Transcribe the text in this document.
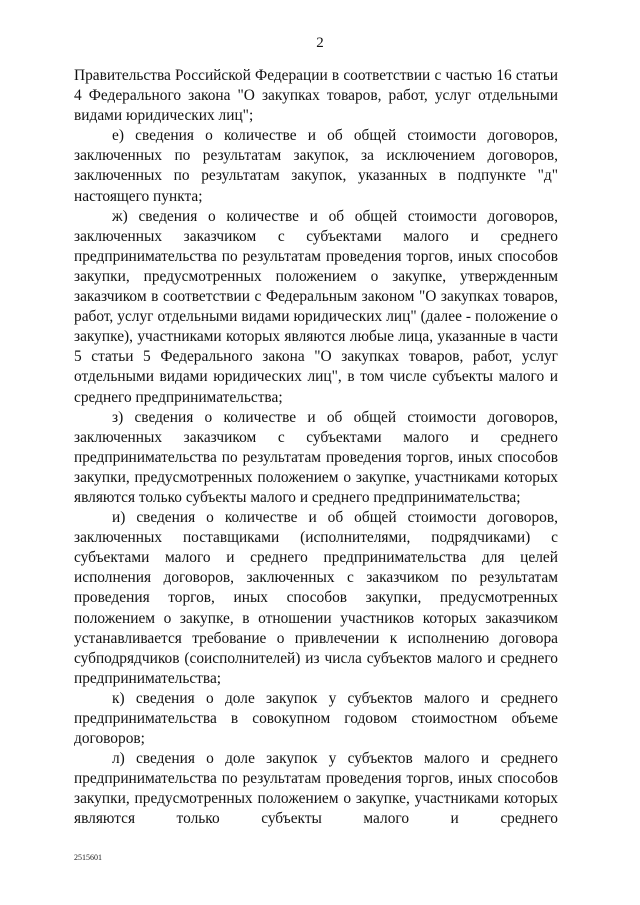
2

Правительства Российской Федерации в соответствии с частью 16 статьи 4 Федерального закона "О закупках товаров, работ, услуг отдельными видами юридических лиц";

е) сведения о количестве и об общей стоимости договоров, заключенных по результатам закупок, за исключением договоров, заключенных по результатам закупок, указанных в подпункте "д" настоящего пункта;

ж) сведения о количестве и об общей стоимости договоров, заключенных заказчиком с субъектами малого и среднего предпринимательства по результатам проведения торгов, иных способов закупки, предусмотренных положением о закупке, утвержденным заказчиком в соответствии с Федеральным законом "О закупках товаров, работ, услуг отдельными видами юридических лиц" (далее - положение о закупке), участниками которых являются любые лица, указанные в части 5 статьи 5 Федерального закона "О закупках товаров, работ, услуг отдельными видами юридических лиц", в том числе субъекты малого и среднего предпринимательства;

з) сведения о количестве и об общей стоимости договоров, заключенных заказчиком с субъектами малого и среднего предпринимательства по результатам проведения торгов, иных способов закупки, предусмотренных положением о закупке, участниками которых являются только субъекты малого и среднего предпринимательства;

и) сведения о количестве и об общей стоимости договоров, заключенных поставщиками (исполнителями, подрядчиками) с субъектами малого и среднего предпринимательства для целей исполнения договоров, заключенных с заказчиком по результатам проведения торгов, иных способов закупки, предусмотренных положением о закупке, в отношении участников которых заказчиком устанавливается требование о привлечении к исполнению договора субподрядчиков (соисполнителей) из числа субъектов малого и среднего предпринимательства;

к) сведения о доле закупок у субъектов малого и среднего предпринимательства в совокупном годовом стоимостном объеме договоров;

л) сведения о доле закупок у субъектов малого и среднего предпринимательства по результатам проведения торгов, иных способов закупки, предусмотренных положением о закупке, участниками которых являются только субъекты малого и среднего

2515601
